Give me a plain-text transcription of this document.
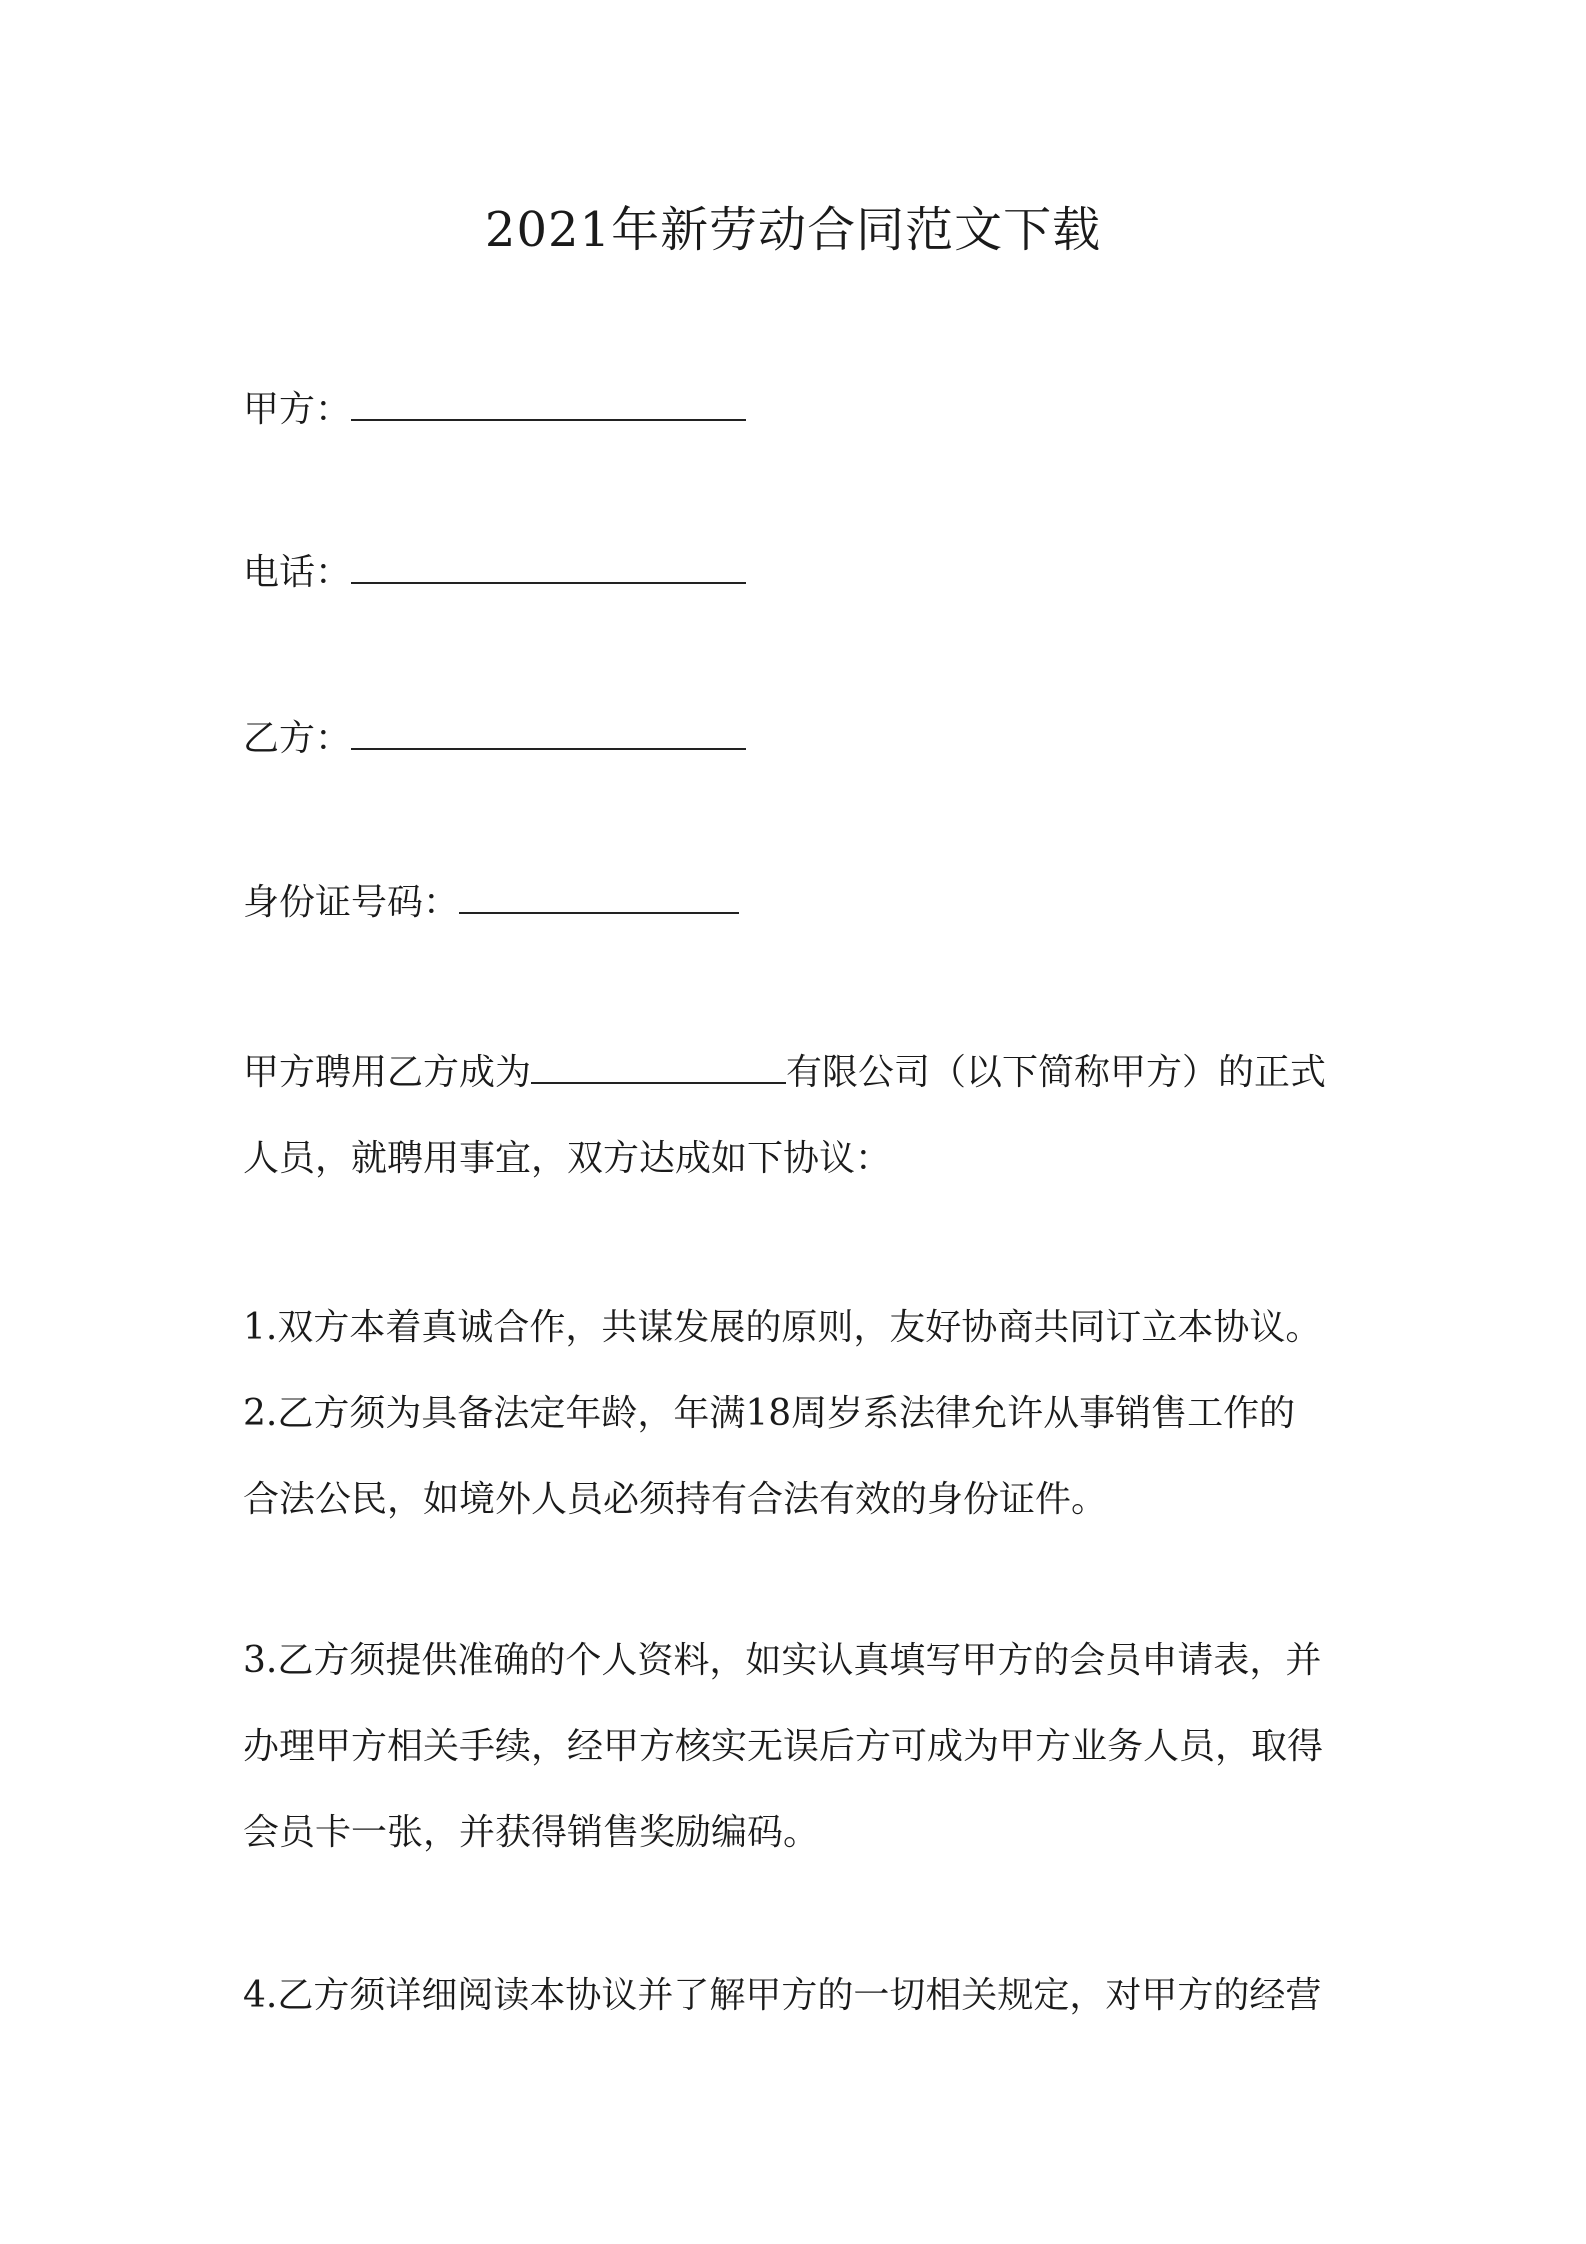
2021年新劳动合同范文下载
甲方：
电话：
乙方：
身份证号码：
甲方聘用乙方成为	有限公司（以下简称甲方）的正式
人员，就聘用事宜，双方达成如下协议：
1.双方本着真诚合作，共谋发展的原则，友好协商共同订立本协议。
2.乙方须为具备法定年龄，年满18周岁系法律允许从事销售工作的
合法公民，如境外人员必须持有合法有效的身份证件。
3.乙方须提供准确的个人资料，如实认真填写甲方的会员申请表，并
办理甲方相关手续，经甲方核实无误后方可成为甲方业务人员，取得
会员卡一张，并获得销售奖励编码。
4.乙方须详细阅读本协议并了解甲方的一切相关规定，对甲方的经营
